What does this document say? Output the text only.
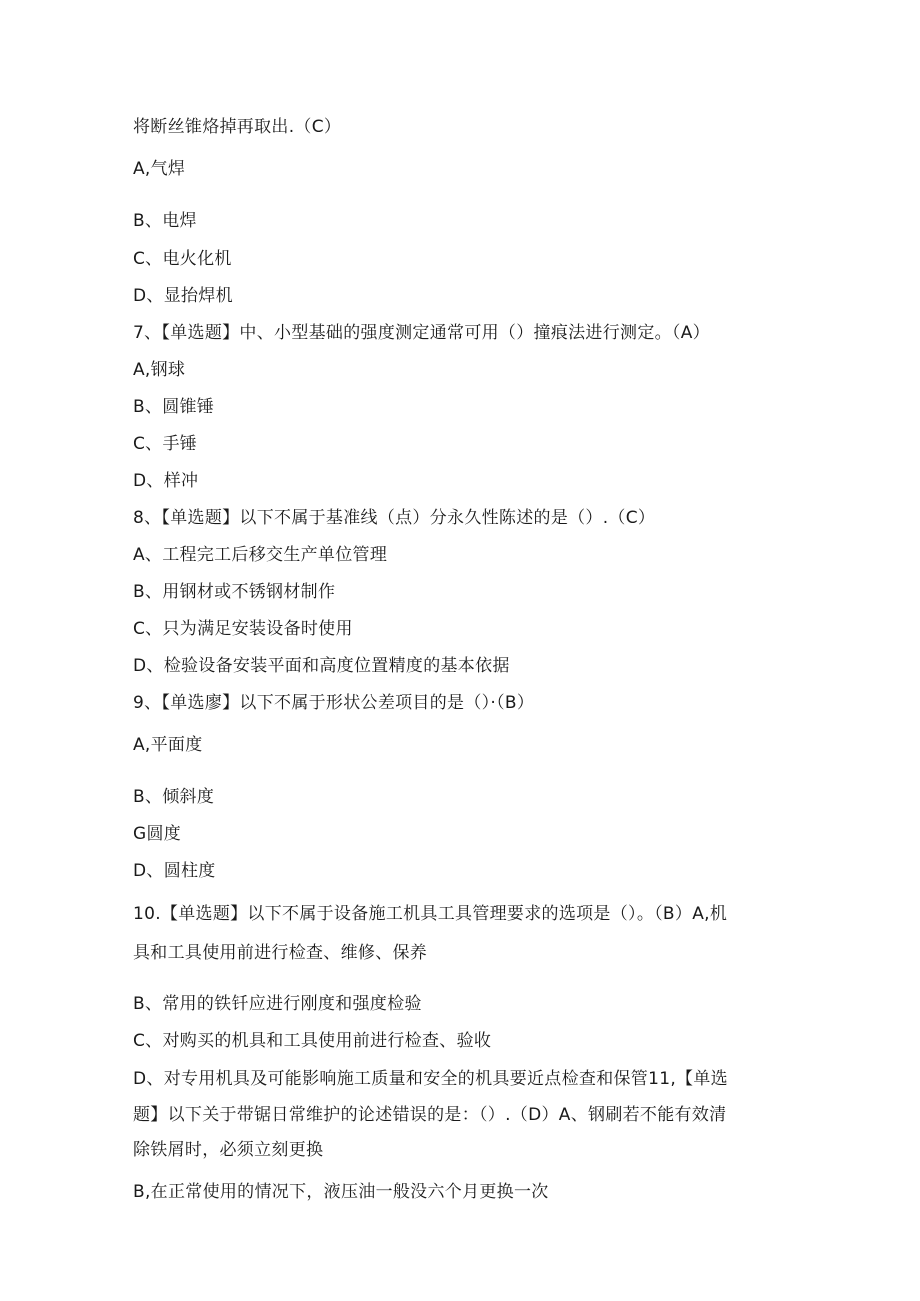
将断丝锥烙掉再取出.（C）
A,气焊
B、电焊
C、电火化机
D、显抬焊机
7、【单选题】中、小型基础的强度测定通常可用（）撞痕法进行测定。（A）
A,钢球
B、圆锥锤
C、手锤
D、样冲
8、【单选题】以下不属于基准线（点）分永久性陈述的是（）.（C）
A、工程完工后移交生产单位管理
B、用钢材或不锈钢材制作
C、只为满足安装设备时使用
D、检验设备安装平面和高度位置精度的基本依据
9、【单选廖】以下不属于形状公差项目的是（）·（B）
A,平面度
B、倾斜度
G圆度
D、圆柱度
10.【单选题】以下不属于设备施工机具工具管理要求的选项是（）。（B）A,机
具和工具使用前进行检查、维修、保养
B、常用的铁钎应进行刚度和强度检验
C、对购买的机具和工具使用前进行检查、验收
D、对专用机具及可能影响施工质量和安全的机具要近点检查和保管11,【单选
题】以下关于带锯日常维护的论述错误的是：（）.（D）A、钢刷若不能有效清
除铁屑时，必须立刻更换
B,在正常使用的情况下，液压油一般没六个月更换一次
